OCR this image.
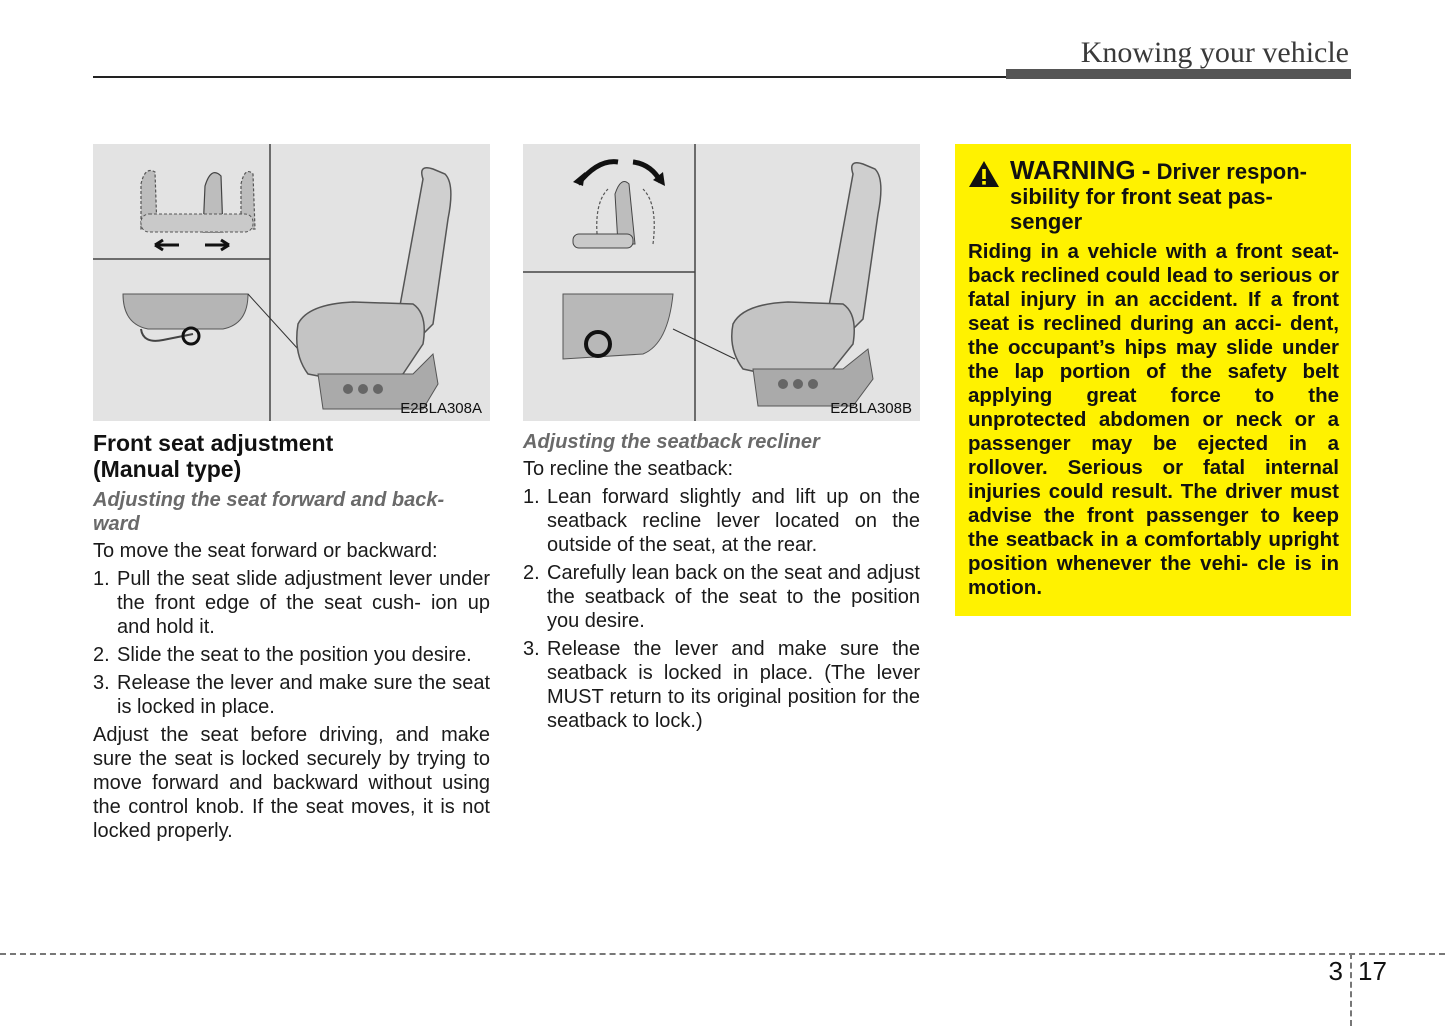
Knowing your vehicle
E2BLA308A	E2BLA308B
Front seat adjustment
(Manual type)

Adjusting the seat forward and back- ward

To move the seat forward or backward:

1. Pull the seat slide adjustment lever under the front edge of the seat cush- ion up and hold it.
2. Slide the seat to the position you desire.
3. Release the lever and make sure the seat is locked in place.

Adjust the seat before driving, and make sure the seat is locked securely by trying to move forward and backward without using the control knob. If the seat moves, it is not locked properly.

Adjusting the seatback recliner

To recline the seatback:

1. Lean forward slightly and lift up on the seatback recline lever located on the outside of the seat, at the rear.
2. Carefully lean back on the seat and adjust the seatback of the seat to the position you desire.
3. Release the lever and make sure the seatback is locked in place. (The lever MUST return to its original position for the seatback to lock.)
WARNING - Driver respon- sibility for front seat pas- senger

Riding in a vehicle with a front seat- back reclined could lead to serious or fatal injury in an accident. If a front seat is reclined during an acci- dent, the occupant’s hips may slide under the lap portion of the safety belt applying great force to the unprotected abdomen or neck or a passenger may be ejected in a rollover. Serious or fatal internal injuries could result. The driver must advise the front passenger to keep the seatback in a comfortably upright position whenever the vehi- cle is in motion.

3 17
